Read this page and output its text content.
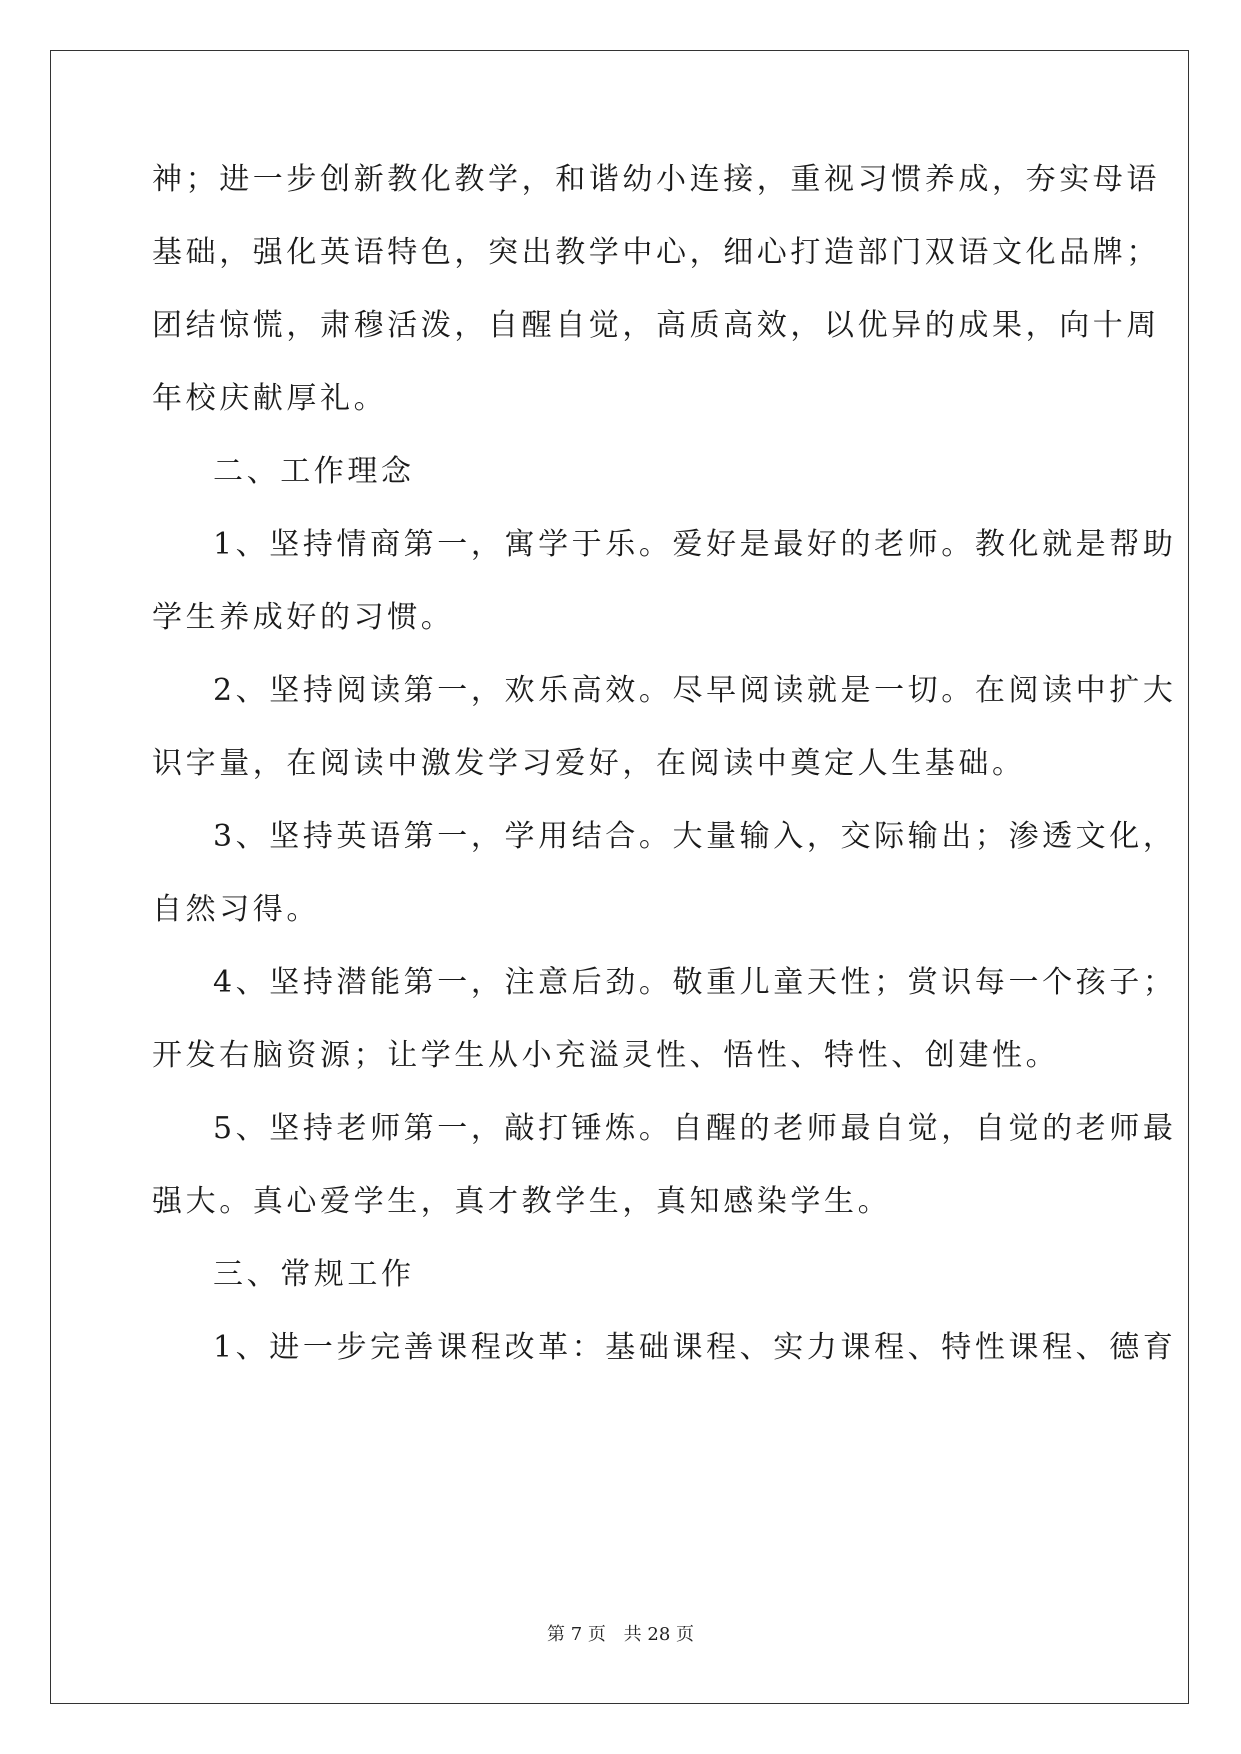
神；进一步创新教化教学，和谐幼小连接，重视习惯养成，夯实母语
基础，强化英语特色，突出教学中心，细心打造部门双语文化品牌；
团结惊慌，肃穆活泼，自醒自觉，高质高效，以优异的成果，向十周
年校庆献厚礼。
二、工作理念
1、坚持情商第一，寓学于乐。爱好是最好的老师。教化就是帮助
学生养成好的习惯。
2、坚持阅读第一，欢乐高效。尽早阅读就是一切。在阅读中扩大
识字量，在阅读中激发学习爱好，在阅读中奠定人生基础。
3、坚持英语第一，学用结合。大量输入，交际输出；渗透文化，
自然习得。
4、坚持潜能第一，注意后劲。敬重儿童天性；赏识每一个孩子；
开发右脑资源；让学生从小充溢灵性、悟性、特性、创建性。
5、坚持老师第一，敲打锤炼。自醒的老师最自觉，自觉的老师最
强大。真心爱学生，真才教学生，真知感染学生。
三、常规工作
1、进一步完善课程改革：基础课程、实力课程、特性课程、德育
第 7 页 共 28 页
